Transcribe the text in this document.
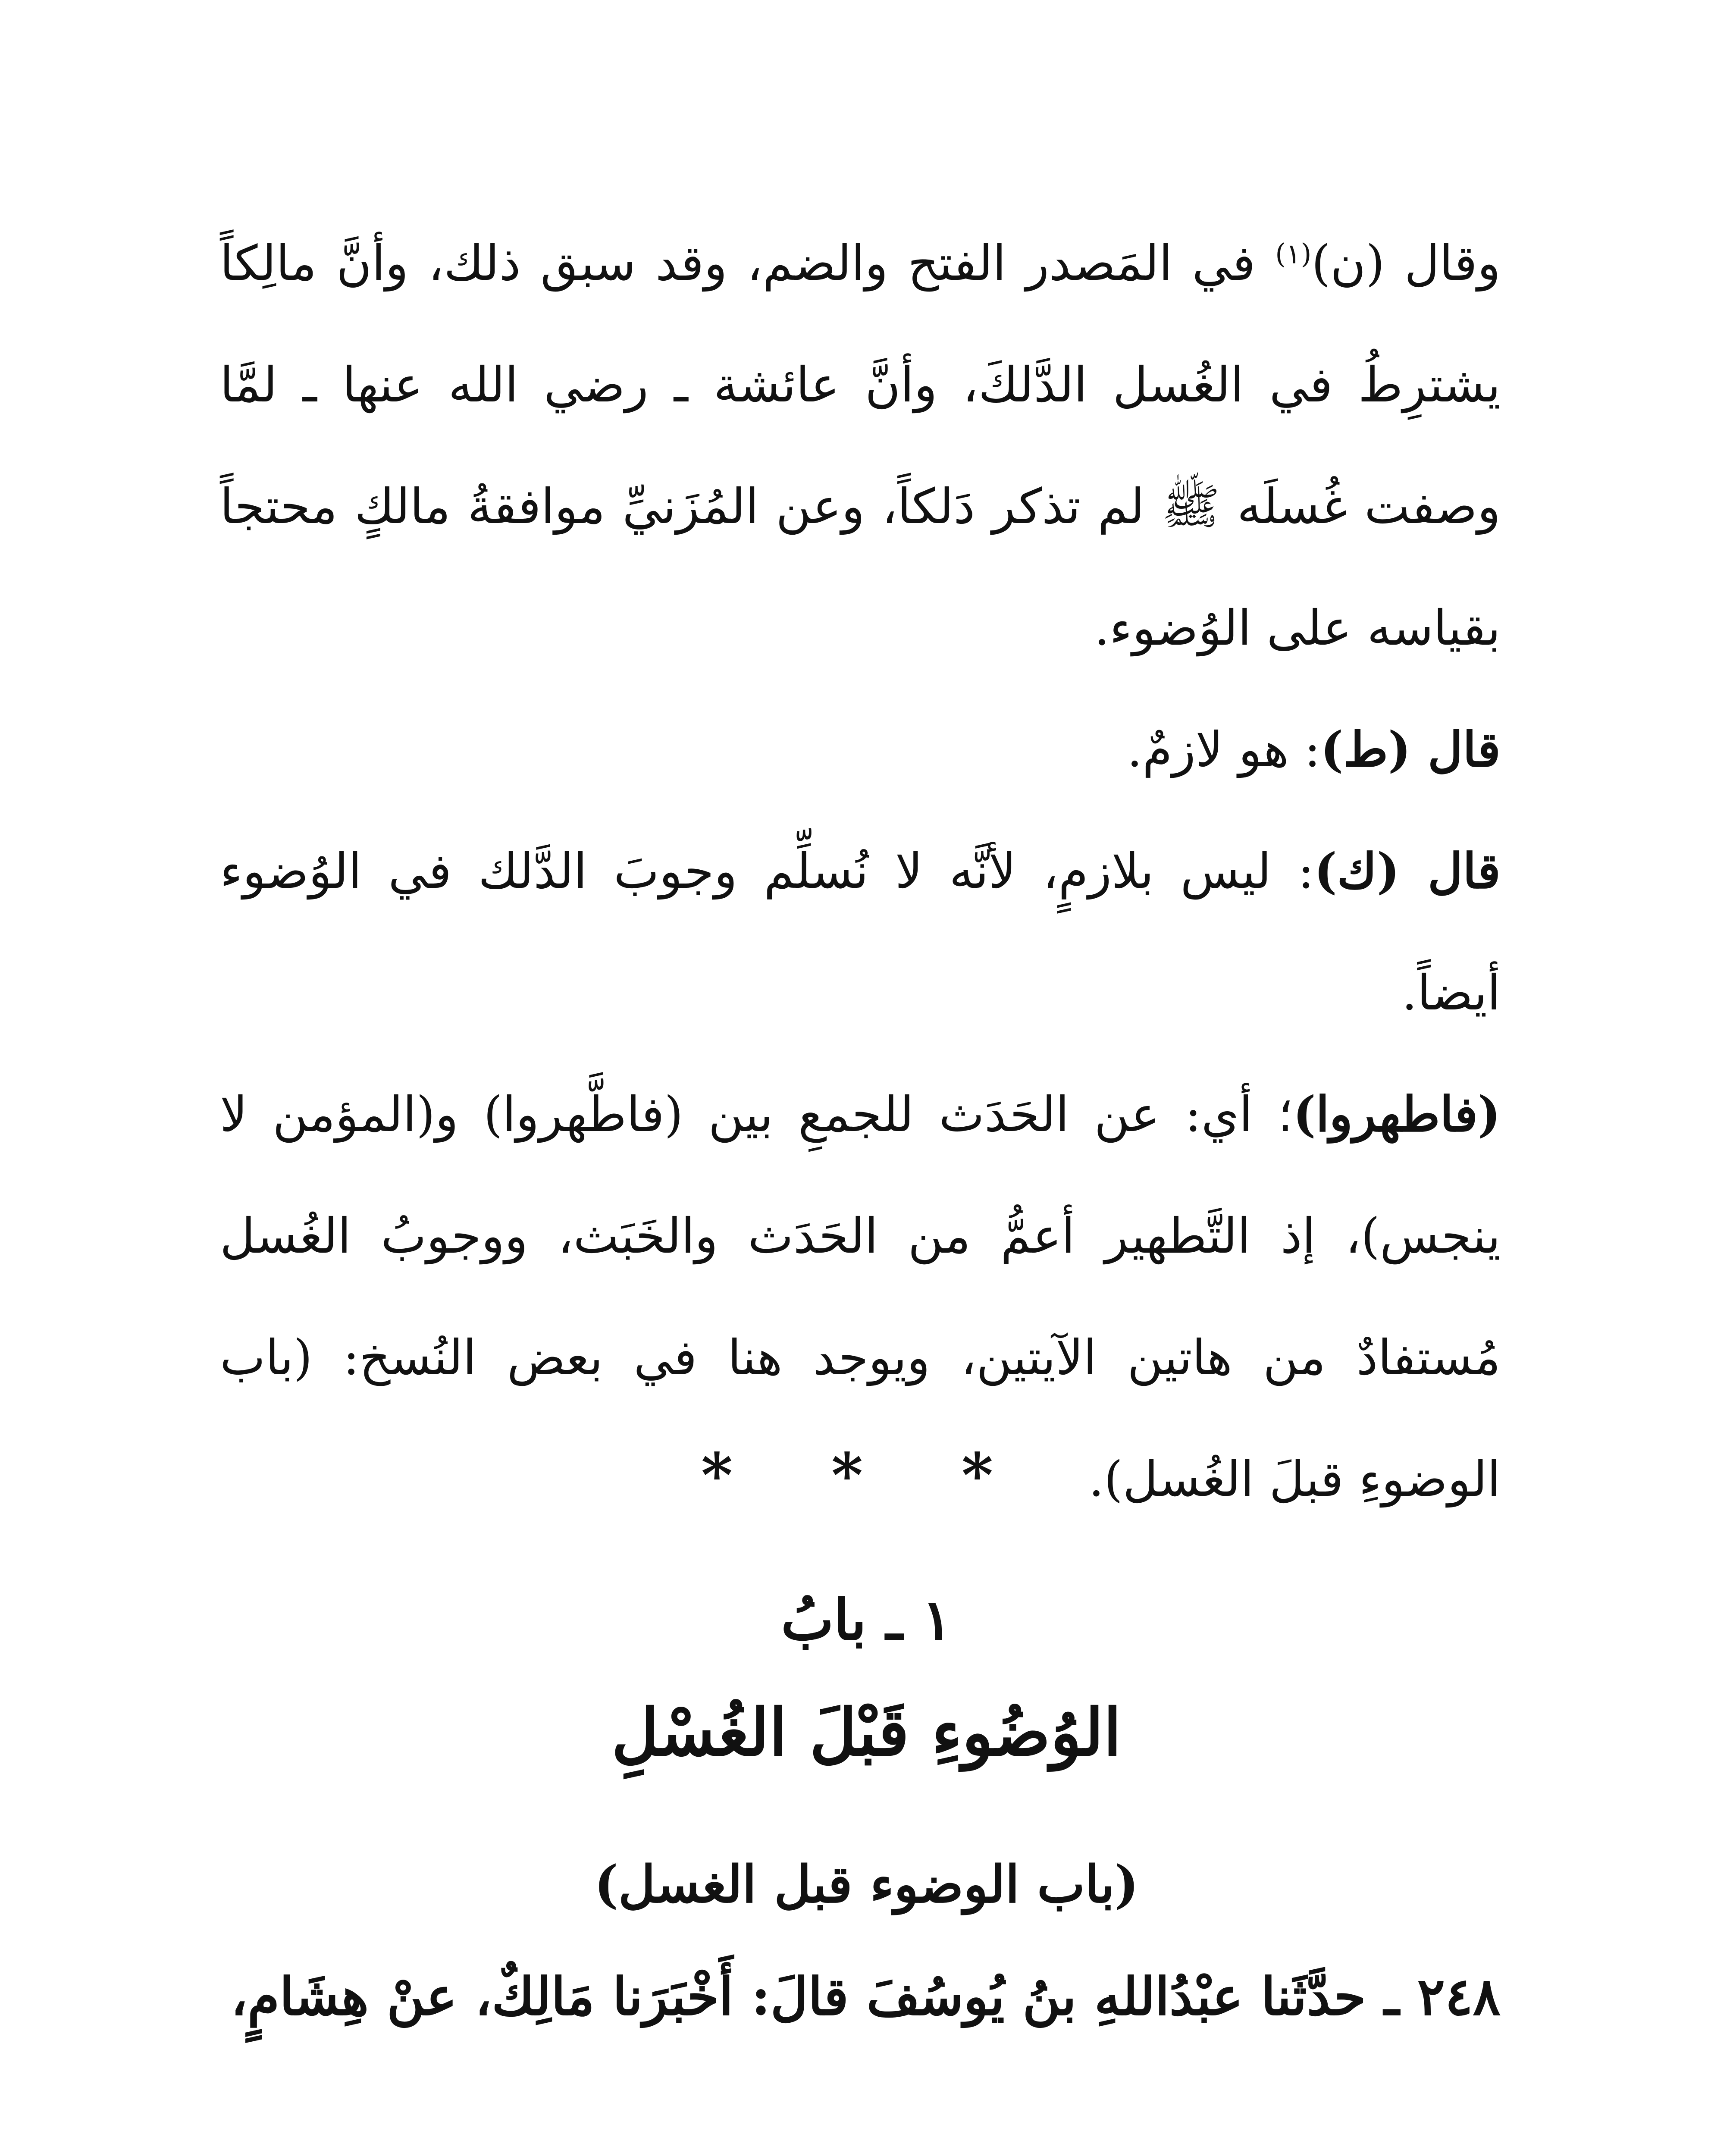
وقال (ن)$^{(١)}$ في المَصدر الفتح والضم، وقد سبق ذلك، وأنَّ مالِكاً يشترِطُ في الغُسل الدَّلكَ، وأنَّ عائشة ـ رضي الله عنها ـ لمَّا وصفت غُسلَه ﷺ لم تذكر دَلكاً، وعن المُزَنيِّ موافقةُ مالكٍ محتجاً بقياسه على الوُضوء.

قال (ط): هو لازمٌ.

قال (ك): ليس بلازمٍ، لأنَّه لا نُسلِّم وجوبَ الدَّلك في الوُضوء أيضاً.

(فاطهروا)؛ أي: عن الحَدَث للجمعِ بين (فاطَّهروا) و(المؤمن لا ينجس)، إذ التَّطهير أعمُّ من الحَدَث والخَبَث، ووجوبُ الغُسل مُستفادٌ من هاتين الآيتين، ويوجد هنا في بعض النُسخ: (باب الوضوءِ قبلَ الغُسل).

* * *
١ ـ بابُ
الوُضُوءِ قَبْلَ الغُسْلِ
(باب الوضوء قبل الغسل)
٢٤٨ ـ حدَّثَنا عبْدُاللهِ بنُ يُوسُفَ قالَ: أَخْبَرَنا مَالِكٌ، عنْ هِشَامٍ،
